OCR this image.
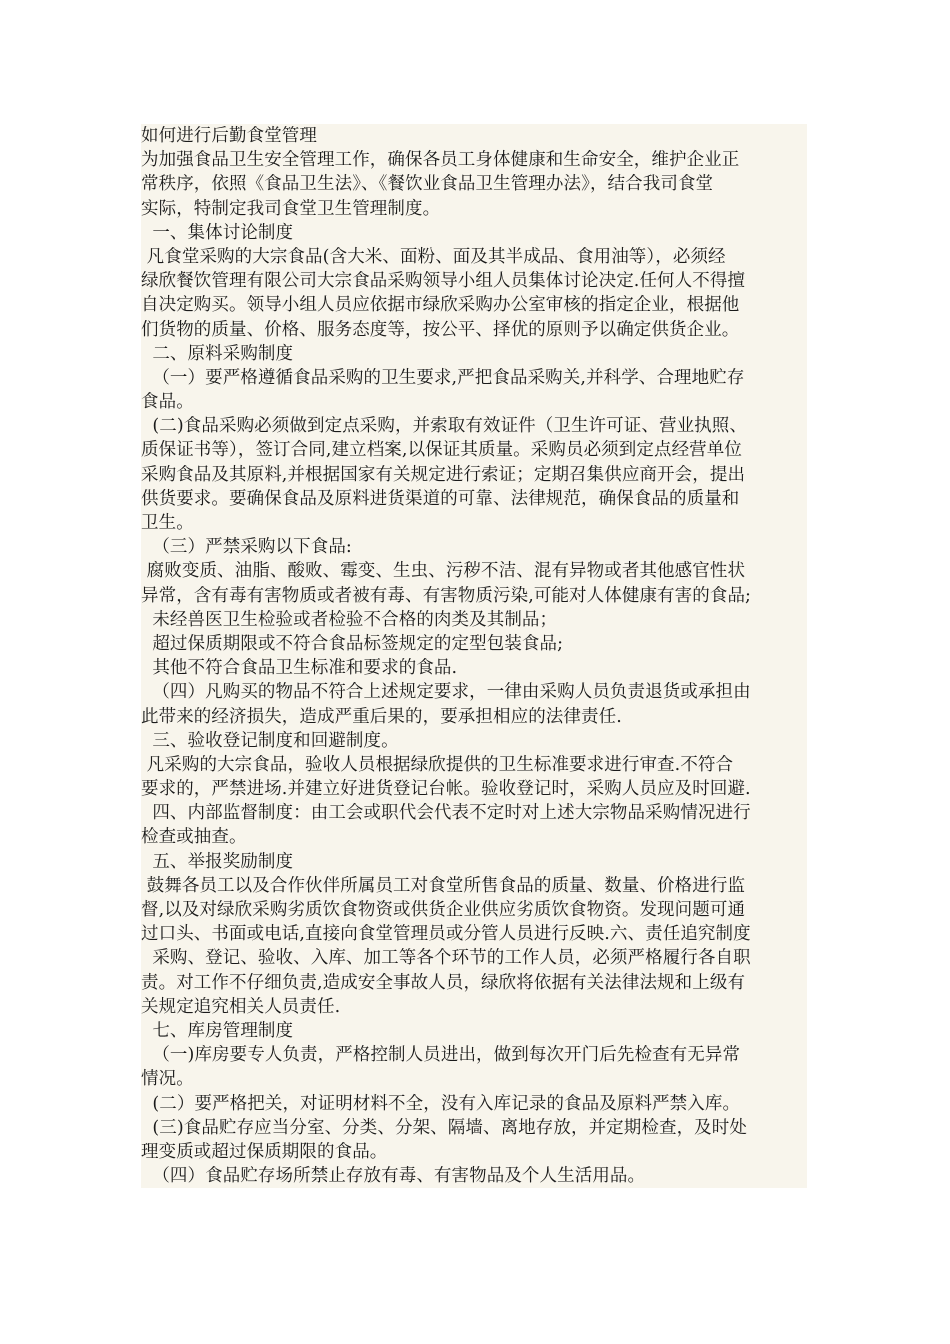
如何进行后勤食堂管理
为加强食品卫生安全管理工作，确保各员工身体健康和生命安全，维护企业正
常秩序，依照《食品卫生法》、《餐饮业食品卫生管理办法》，结合我司食堂
实际，特制定我司食堂卫生管理制度。
一、集体讨论制度
凡食堂采购的大宗食品(含大米、面粉、面及其半成品、食用油等），必须经
绿欣餐饮管理有限公司大宗食品采购领导小组人员集体讨论决定.任何人不得擅
自决定购买。领导小组人员应依据市绿欣采购办公室审核的指定企业，根据他
们货物的质量、价格、服务态度等，按公平、择优的原则予以确定供货企业。
二、原料采购制度
（一）要严格遵循食品采购的卫生要求,严把食品采购关,并科学、合理地贮存
食品。
(二)食品采购必须做到定点采购，并索取有效证件（卫生许可证、营业执照、
质保证书等），签订合同,建立档案,以保证其质量。采购员必须到定点经营单位
采购食品及其原料,并根据国家有关规定进行索证；定期召集供应商开会，提出
供货要求。要确保食品及原料进货渠道的可靠、法律规范，确保食品的质量和
卫生。
（三）严禁采购以下食品:
腐败变质、油脂、酸败、霉变、生虫、污秽不洁、混有异物或者其他感官性状
异常，含有毒有害物质或者被有毒、有害物质污染,可能对人体健康有害的食品;
未经兽医卫生检验或者检验不合格的肉类及其制品；
超过保质期限或不符合食品标签规定的定型包装食品;
其他不符合食品卫生标准和要求的食品.
（四）凡购买的物品不符合上述规定要求，一律由采购人员负责退货或承担由
此带来的经济损失，造成严重后果的，要承担相应的法律责任.
三、验收登记制度和回避制度。
凡采购的大宗食品，验收人员根据绿欣提供的卫生标准要求进行审查.不符合
要求的，严禁进场.并建立好进货登记台帐。验收登记时，采购人员应及时回避.
四、内部监督制度：由工会或职代会代表不定时对上述大宗物品采购情况进行
检查或抽查。
五、举报奖励制度
鼓舞各员工以及合作伙伴所属员工对食堂所售食品的质量、数量、价格进行监
督,以及对绿欣采购劣质饮食物资或供货企业供应劣质饮食物资。发现问题可通
过口头、书面或电话,直接向食堂管理员或分管人员进行反映.六、责任追究制度
采购、登记、验收、入库、加工等各个环节的工作人员，必须严格履行各自职
责。对工作不仔细负责,造成安全事故人员，绿欣将依据有关法律法规和上级有
关规定追究相关人员责任.
七、库房管理制度
（一)库房要专人负责，严格控制人员进出，做到每次开门后先检查有无异常
情况。
(二）要严格把关，对证明材料不全，没有入库记录的食品及原料严禁入库。
(三)食品贮存应当分室、分类、分架、隔墙、离地存放，并定期检查，及时处
理变质或超过保质期限的食品。
（四）食品贮存场所禁止存放有毒、有害物品及个人生活用品。
